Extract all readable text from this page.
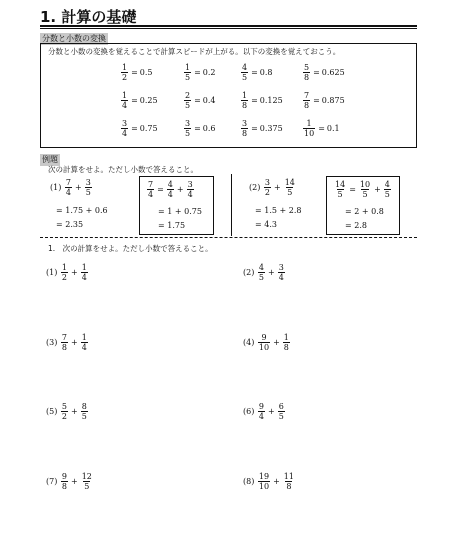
1. 計算の基礎
分数と小数の変換
分数と小数の変換を覚えることで計算スピードが上がる。以下の変換を覚えておこう。
$\frac{1}{2} = 0.5$	$\frac{1}{5} = 0.2$	$\frac{4}{5} = 0.8$	$\frac{5}{8} = 0.625$
$\frac{1}{4} = 0.25$	$\frac{2}{5} = 0.4$	$\frac{1}{8} = 0.125$	$\frac{7}{8} = 0.875$
$\frac{3}{4} = 0.75$	$\frac{3}{5} = 0.6$	$\frac{3}{8} = 0.375$	$\frac{1}{10} = 0.1$
例題
次の計算をせよ。ただし小数で答えること。
(1)
$\frac{7}{4} + \frac{3}{5}$
= 1.75 + 0.6
= 2.35
$\frac{7}{4} = \frac{4}{4} + \frac{3}{4}$
= 1 + 0.75
= 1.75
(2)
$\frac{3}{2} + \frac{14}{5}$
= 1.5 + 2.8
= 4.3
$\frac{14}{5} = \frac{10}{5} + \frac{4}{5}$
= 2 + 0.8
= 2.8
1.　次の計算をせよ。ただし小数で答えること。
(1)
$\frac{1}{2} + \frac{1}{4}$	(2)
$\frac{4}{5} + \frac{3}{4}$
(3)
$\frac{7}{8} + \frac{1}{4}$	(4)
$\frac{9}{10} + \frac{1}{8}$
(5)
$\frac{5}{2} + \frac{8}{5}$	(6)
$\frac{9}{4} + \frac{6}{5}$
(7)
$\frac{9}{8} + \frac{12}{5}$	(8)
$\frac{19}{10} + \frac{11}{8}$
